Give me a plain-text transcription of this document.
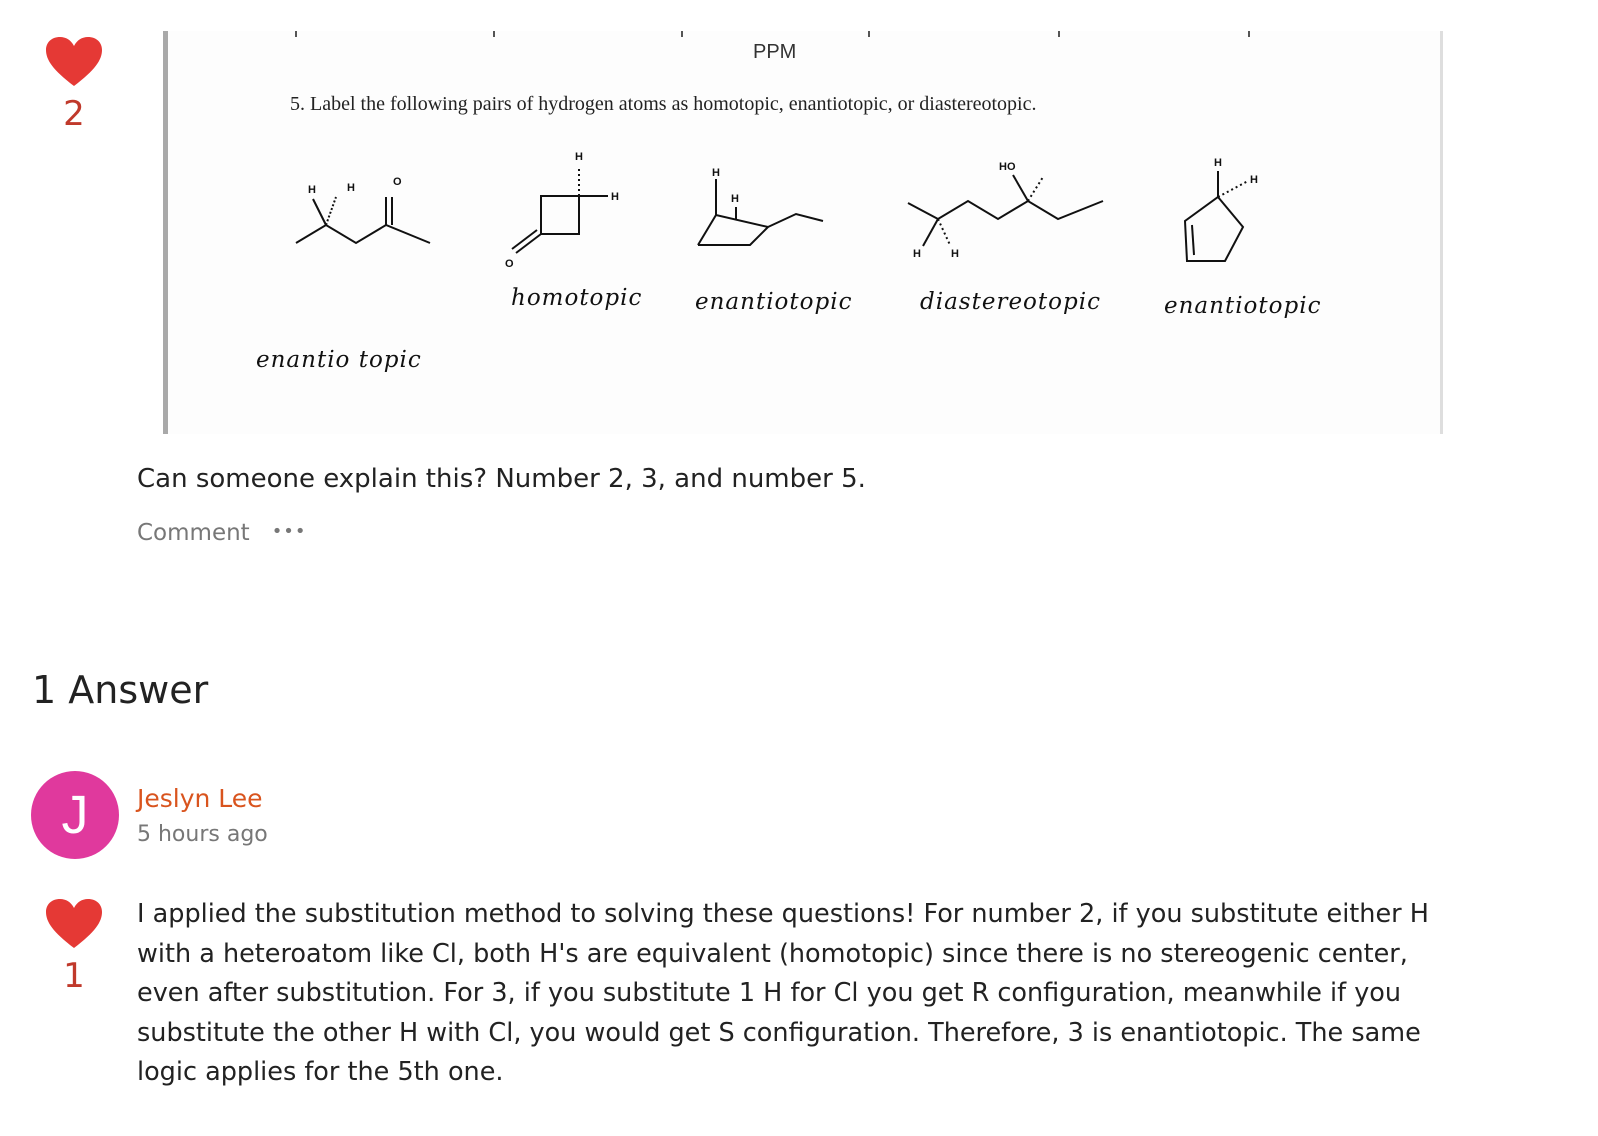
2
PPM
5. Label the following pairs of hydrogen atoms as homotopic, enantiotopic, or diastereotopic.
H	H	O
H
H
O
H
H
HO
H	H
H
H
homotopic enantiotopic	diastereotopic	enantiotopic
enantio topic
Can someone explain this? Number 2, 3, and number 5.
Comment •••
1 Answer
J	Jeslyn Lee
5 hours ago
1
I applied the substitution method to solving these questions! For number 2, if you substitute either H with a heteroatom like Cl, both H's are equivalent (homotopic) since there is no stereogenic center, even after substitution. For 3, if you substitute 1 H for Cl you get R configuration, meanwhile if you substitute the other H with Cl, you would get S configuration. Therefore, 3 is enantiotopic. The same logic applies for the 5th one.
